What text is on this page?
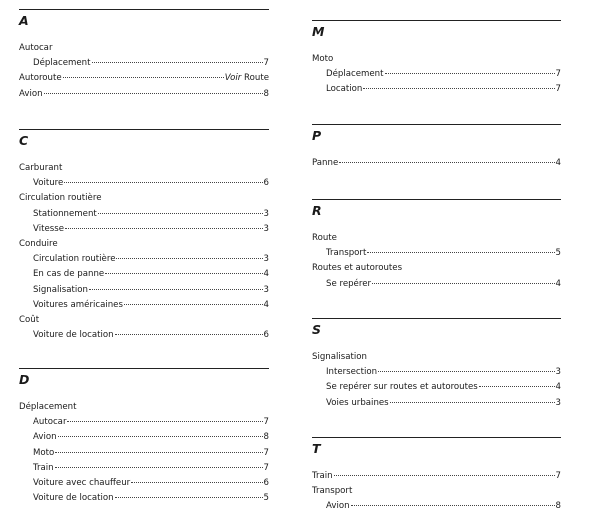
A
Autocar
Déplacement	7
Autoroute	Voir Route
Avion	8
C
Carburant
Voiture	6
Circulation routière
Stationnement	3
Vitesse	3
Conduire
Circulation routière	3
En cas de panne	4
Signalisation	3
Voitures américaines	4
Coût
Voiture de location	6
D
Déplacement
Autocar	7
Avion	8
Moto	7
Train	7
Voiture avec chauffeur	6
Voiture de location	5
M
Moto
Déplacement	7
Location	7
P
Panne	4
R
Route
Transport	5
Routes et autoroutes
Se repérer	4
S
Signalisation
Intersection	3
Se repérer sur routes et autoroutes	4
Voies urbaines	3
T
Train	7
Transport
Avion	8
